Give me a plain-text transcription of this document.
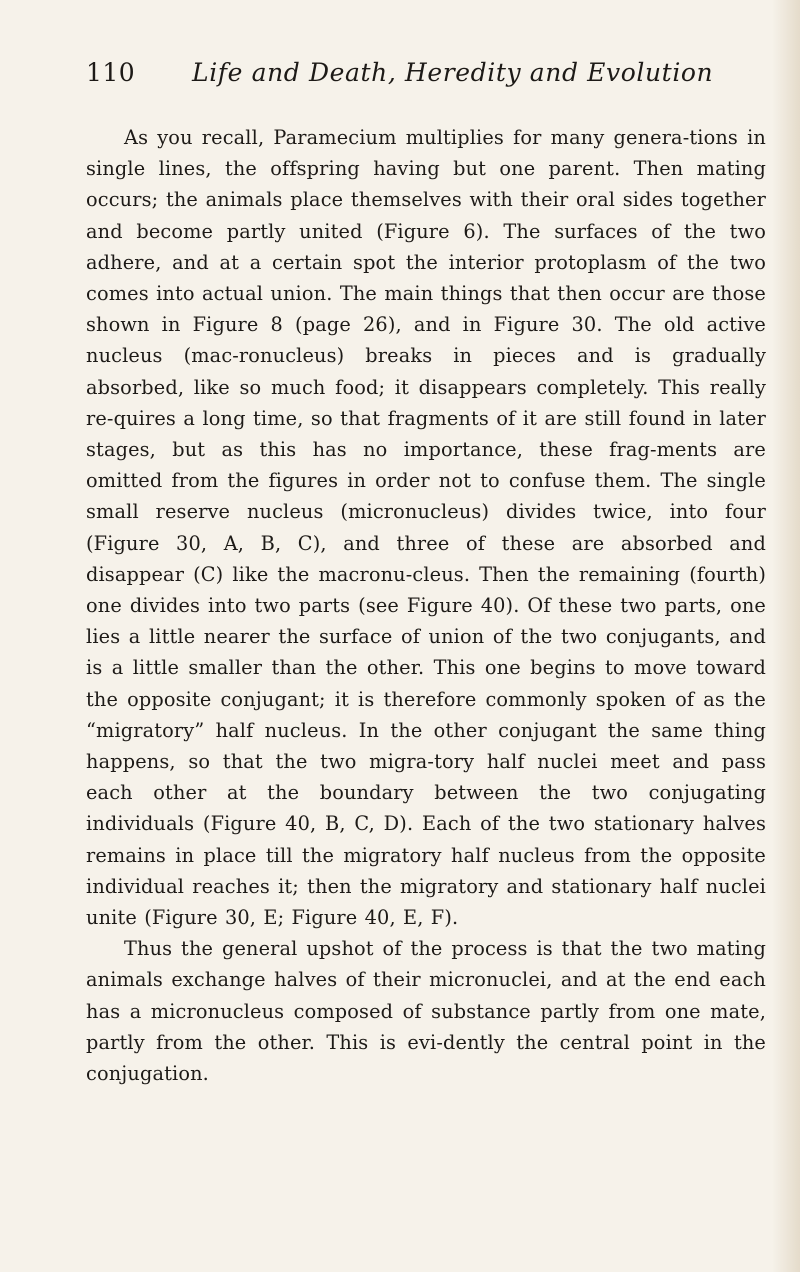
110 Life and Death, Heredity and Evolution

As you recall, Paramecium multiplies for many genera-tions in single lines, the offspring having but one parent. Then mating occurs; the animals place themselves with their oral sides together and become partly united (Figure 6). The surfaces of the two adhere, and at a certain spot the interior protoplasm of the two comes into actual union. The main things that then occur are those shown in Figure 8 (page 26), and in Figure 30. The old active nucleus (mac-ronucleus) breaks in pieces and is gradually absorbed, like so much food; it disappears completely. This really re-quires a long time, so that fragments of it are still found in later stages, but as this has no importance, these frag-ments are omitted from the figures in order not to confuse them. The single small reserve nucleus (micronucleus) divides twice, into four (Figure 30, A, B, C), and three of these are absorbed and disappear (C) like the macronu-cleus. Then the remaining (fourth) one divides into two parts (see Figure 40). Of these two parts, one lies a little nearer the surface of union of the two conjugants, and is a little smaller than the other. This one begins to move toward the opposite conjugant; it is therefore commonly spoken of as the “migratory” half nucleus. In the other conjugant the same thing happens, so that the two migra-tory half nuclei meet and pass each other at the boundary between the two conjugating individuals (Figure 40, B, C, D). Each of the two stationary halves remains in place till the migratory half nucleus from the opposite individual reaches it; then the migratory and stationary half nuclei unite (Figure 30, E; Figure 40, E, F).

Thus the general upshot of the process is that the two mating animals exchange halves of their micronuclei, and at the end each has a micronucleus composed of substance partly from one mate, partly from the other. This is evi-dently the central point in the conjugation.
